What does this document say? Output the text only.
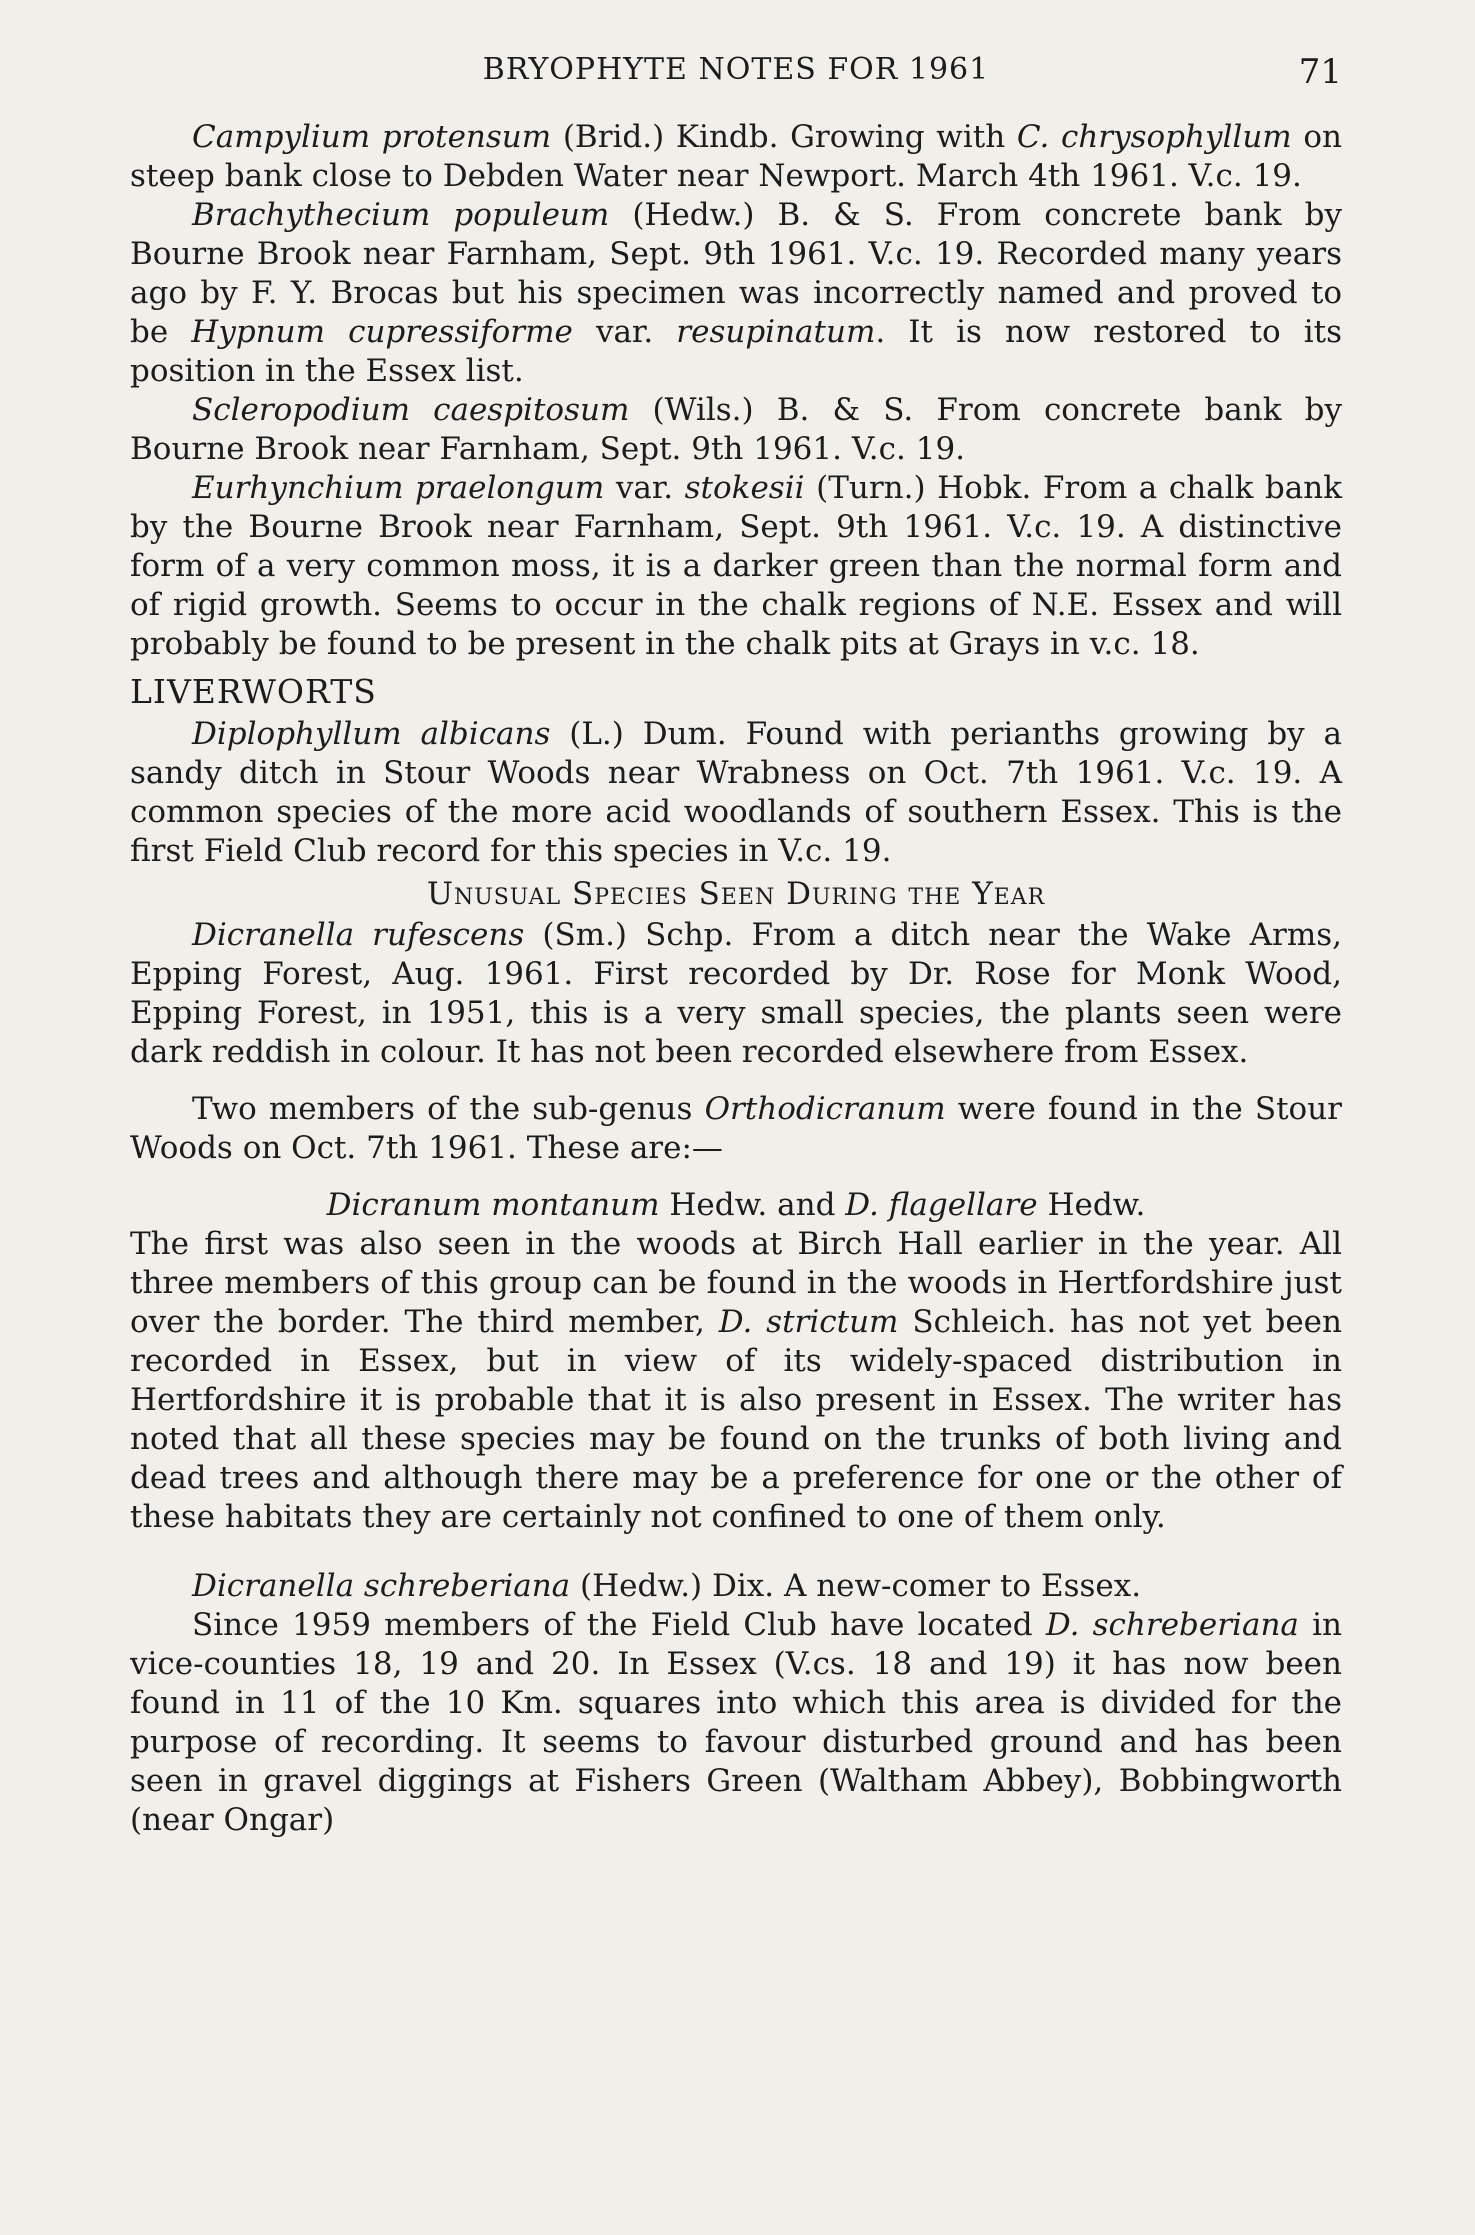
BRYOPHYTE NOTES FOR 1961	71

Campylium protensum (Brid.) Kindb. Growing with C. chrysophyllum on steep bank close to Debden Water near Newport. March 4th 1961. V.c. 19.

Brachythecium populeum (Hedw.) B. & S. From concrete bank by Bourne Brook near Farnham, Sept. 9th 1961. V.c. 19. Recorded many years ago by F. Y. Brocas but his specimen was incorrectly named and proved to be Hypnum cupressiforme var. resupinatum. It is now restored to its position in the Essex list.

Scleropodium caespitosum (Wils.) B. & S. From concrete bank by Bourne Brook near Farnham, Sept. 9th 1961. V.c. 19.

Eurhynchium praelongum var. stokesii (Turn.) Hobk. From a chalk bank by the Bourne Brook near Farnham, Sept. 9th 1961. V.c. 19. A distinctive form of a very common moss, it is a darker green than the normal form and of rigid growth. Seems to occur in the chalk regions of N.E. Essex and will probably be found to be present in the chalk pits at Grays in v.c. 18.

LIVERWORTS

Diplophyllum albicans (L.) Dum. Found with perianths growing by a sandy ditch in Stour Woods near Wrabness on Oct. 7th 1961. V.c. 19. A common species of the more acid woodlands of southern Essex. This is the first Field Club record for this species in V.c. 19.

Unusual Species Seen During the Year

Dicranella rufescens (Sm.) Schp. From a ditch near the Wake Arms, Epping Forest, Aug. 1961. First recorded by Dr. Rose for Monk Wood, Epping Forest, in 1951, this is a very small species, the plants seen were dark reddish in colour. It has not been recorded elsewhere from Essex.

Two members of the sub-genus Orthodicranum were found in the Stour Woods on Oct. 7th 1961. These are:—

Dicranum montanum Hedw. and D. flagellare Hedw.

The first was also seen in the woods at Birch Hall earlier in the year. All three members of this group can be found in the woods in Hertfordshire just over the border. The third member, D. strictum Schleich. has not yet been recorded in Essex, but in view of its widely-spaced distribution in Hertfordshire it is probable that it is also present in Essex. The writer has noted that all these species may be found on the trunks of both living and dead trees and although there may be a preference for one or the other of these habitats they are certainly not confined to one of them only.

Dicranella schreberiana (Hedw.) Dix. A new-comer to Essex.

Since 1959 members of the Field Club have located D. schreberiana in vice-counties 18, 19 and 20. In Essex (V.cs. 18 and 19) it has now been found in 11 of the 10 Km. squares into which this area is divided for the purpose of recording. It seems to favour disturbed ground and has been seen in gravel diggings at Fishers Green (Waltham Abbey), Bobbingworth (near Ongar)
